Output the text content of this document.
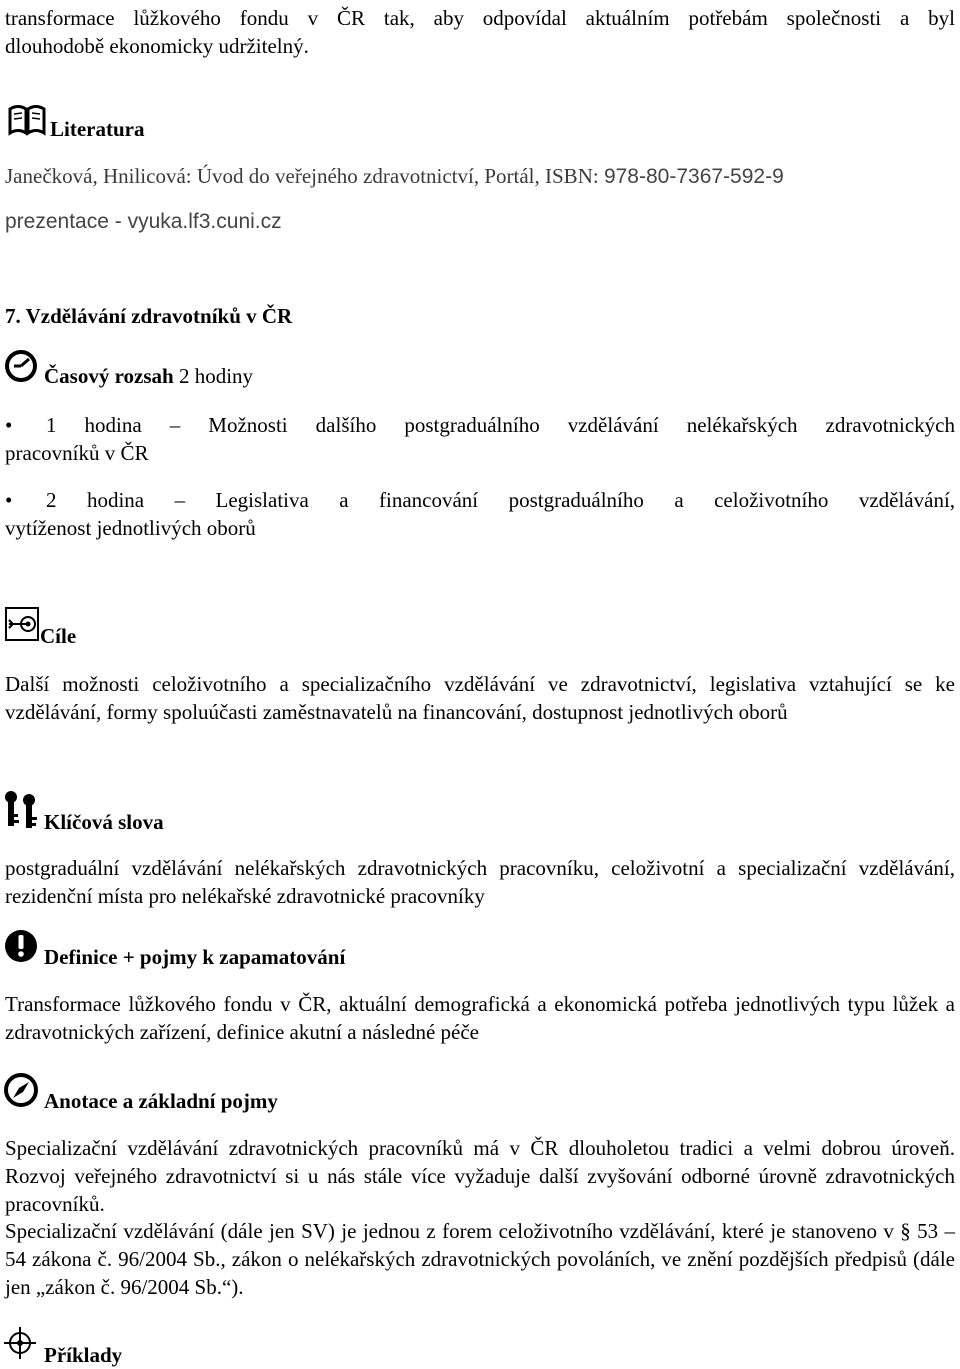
transformace lůžkového fondu v ČR tak, aby odpovídal aktuálním potřebám společnosti a byl
dlouhodobě ekonomicky udržitelný.
Literatura
Janečková, Hnilicová: Úvod do veřejného zdravotnictví, Portál, ISBN: 978-80-7367-592-9
prezentace - vyuka.lf3.cuni.cz
7. Vzdělávání zdravotníků v ČR
Časový rozsah 2 hodiny
•	1 hodina – Možnosti dalšího postgraduálního vzdělávání nelékařských zdravotnických
pracovníků v ČR
•	2 hodina – Legislativa a financování postgraduálního a celoživotního vzdělávání,
vytíženost jednotlivých oborů
Cíle
Další možnosti celoživotního a specializačního vzdělávání ve zdravotnictví, legislativa vztahující se ke vzdělávání, formy spoluúčasti zaměstnavatelů na financování, dostupnost jednotlivých oborů
Klíčová slova
postgraduální vzdělávání nelékařských zdravotnických pracovníku, celoživotní a specializační vzdělávání, rezidenční místa pro nelékařské zdravotnické pracovníky
Definice + pojmy k zapamatování
Transformace lůžkového fondu v ČR, aktuální demografická a ekonomická potřeba jednotlivých typu lůžek a zdravotnických zařízení, definice akutní a následné péče
Anotace a základní pojmy
Specializační vzdělávání zdravotnických pracovníků má v ČR dlouholetou tradici a velmi dobrou úroveň. Rozvoj veřejného zdravotnictví si u nás stále více vyžaduje další zvyšování odborné úrovně zdravotnických pracovníků.
Specializační vzdělávání (dále jen SV) je jednou z forem celoživotního vzdělávání, které je stanoveno v § 53 – 54 zákona č. 96/2004 Sb., zákon o nelékařských zdravotnických povoláních, ve znění pozdějších předpisů (dále jen „zákon č. 96/2004 Sb.“).
Příklady
